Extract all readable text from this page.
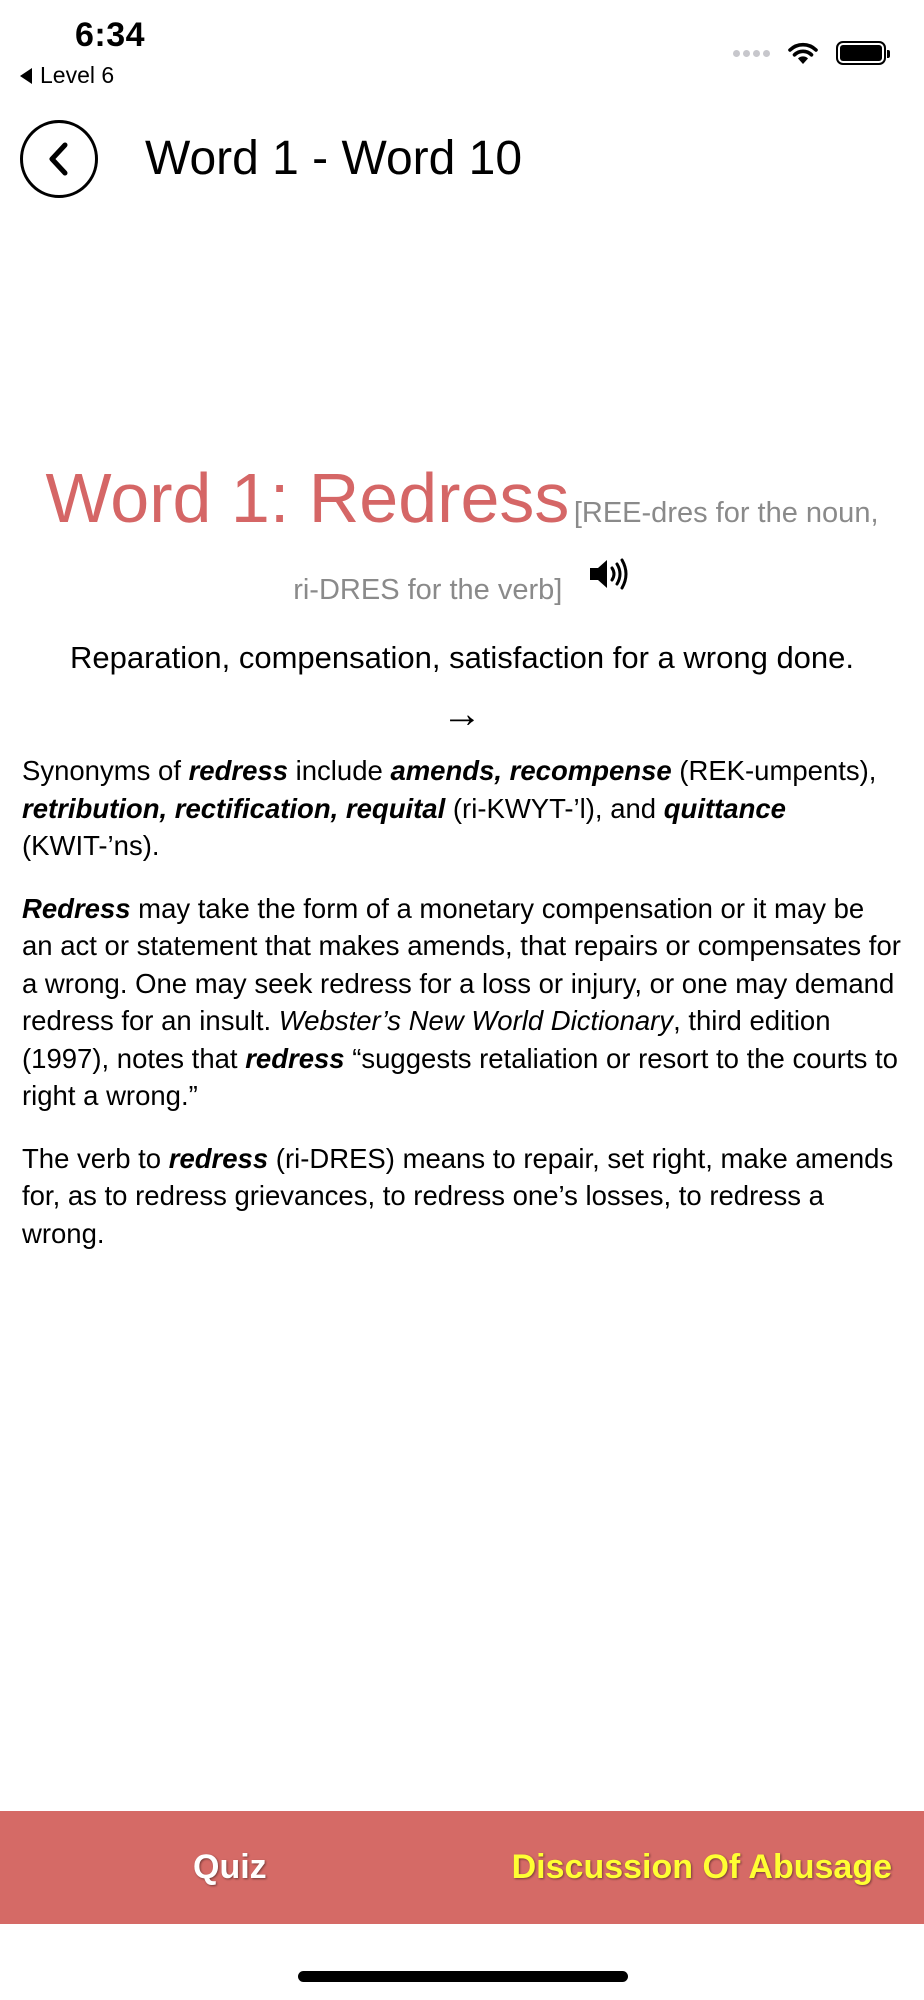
6:34
Level 6
Word 1 - Word 10
Word 1: Redress [REE-dres for the noun,
ri-DRES for the verb]
Reparation, compensation, satisfaction for a wrong done.
→

Synonyms of redress include amends, recompense (REK-umpents), retribution, rectification, requital (ri-KWYT-’l), and quittance (KWIT-’ns).

Redress may take the form of a monetary compensation or it may be an act or statement that makes amends, that repairs or compensates for a wrong. One may seek redress for a loss or injury, or one may demand redress for an insult. Webster’s New World Dictionary, third edition (1997), notes that redress “suggests retaliation or resort to the courts to right a wrong.”

The verb to redress (ri-DRES) means to repair, set right, make amends for, as to redress grievances, to redress one’s losses, to redress a wrong.

Quiz	Discussion Of Abusage
